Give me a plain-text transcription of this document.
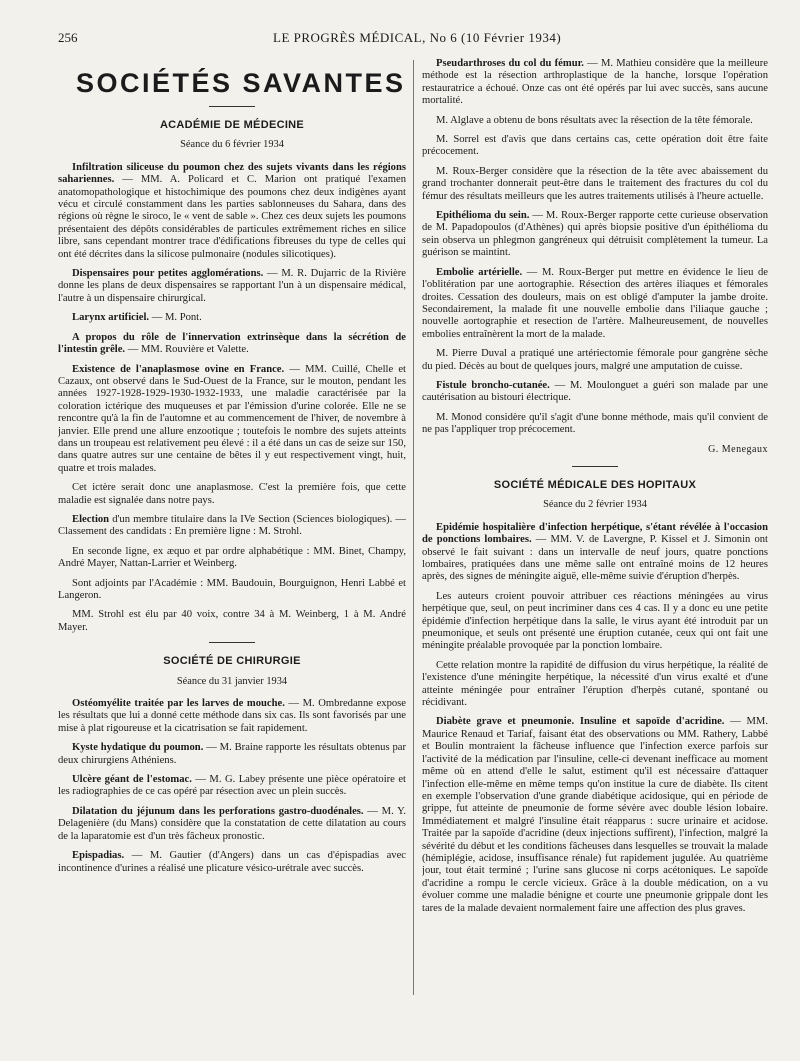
256	LE PROGRÈS MÉDICAL, No 6 (10 Février 1934)
SOCIÉTÉS SAVANTES
ACADÉMIE DE MÉDECINE
Séance du 6 février 1934

Infiltration siliceuse du poumon chez des sujets vivants dans les régions sahariennes. — MM. A. Policard et C. Marion ont pratiqué l'examen anatomopathologique et histochimique des poumons chez deux indigènes ayant vécu et circulé constamment dans les parties sablonneuses du Sahara, dans des régions où règne le siroco, le « vent de sable ». Chez ces deux sujets les poumons présentaient des dépôts considérables de particules extrêmement riches en silice libre, sans cependant montrer trace d'édifications fibreuses du type de celles qui ont été décrites dans la silicose pulmonaire (nodules silicotiques).

Dispensaires pour petites agglomérations. — M. R. Dujarric de la Rivière donne les plans de deux dispensaires se rapportant l'un à un dispensaire médical, l'autre à un dispensaire chirurgical.

Larynx artificiel. — M. Pont.

A propos du rôle de l'innervation extrinsèque dans la sécrétion de l'intestin grêle. — MM. Rouvière et Valette.

Existence de l'anaplasmose ovine en France. — MM. Cuillé, Chelle et Cazaux, ont observé dans le Sud-Ouest de la France, sur le mouton, pendant les années 1927-1928-1929-1930-1932-1933, une maladie caractérisée par la coloration ictérique des muqueuses et par l'émission d'urine colorée. Elle ne se rencontre qu'à la fin de l'automne et au commencement de l'hiver, de novembre à janvier. Elle prend une allure enzootique ; toutefois le nombre des sujets atteints dans un troupeau est relativement peu élevé : il a été dans un cas de seize sur 150, dans quatre autres sur une centaine de bêtes il y eut respectivement vingt, huit, quatre et trois malades.

Cet ictère serait donc une anaplasmose. C'est la première fois, que cette maladie est signalée dans notre pays.

Election d'un membre titulaire dans la IVe Section (Sciences biologiques). — Classement des candidats : En première ligne : M. Strohl.

En seconde ligne, ex æquo et par ordre alphabétique : MM. Binet, Champy, André Mayer, Nattan-Larrier et Weinberg.

Sont adjoints par l'Académie : MM. Baudouin, Bourguignon, Henri Labbé et Langeron.

MM. Strohl est élu par 40 voix, contre 34 à M. Weinberg, 1 à M. André Mayer.

SOCIÉTÉ DE CHIRURGIE
Séance du 31 janvier 1934

Ostéomyélite traitée par les larves de mouche. — M. Ombredanne expose les résultats que lui a donné cette méthode dans six cas. Ils sont favorisés par une mise à plat rigoureuse et la cicatrisation se fait rapidement.

Kyste hydatique du poumon. — M. Braine rapporte les résultats obtenus par deux chirurgiens Athéniens.

Ulcère géant de l'estomac. — M. G. Labey présente une pièce opératoire et les radiographies de ce cas opéré par résection avec un plein succès.

Dilatation du jéjunum dans les perforations gastro-duodénales. — M. Y. Delagenière (du Mans) considère que la constatation de cette dilatation au cours de la laparatomie est d'un très fâcheux pronostic.

Epispadias. — M. Gautier (d'Angers) dans un cas d'épispadias avec incontinence d'urines a réalisé une plicature vésico-urétrale avec succès.

Pseudarthroses du col du fémur. — M. Mathieu considère que la meilleure méthode est la résection arthroplastique de la hanche, lorsque l'opération restauratrice a échoué. Onze cas ont été opérés par lui avec succès, sans aucune mortalité.

M. Alglave a obtenu de bons résultats avec la résection de la tête fémorale.

M. Sorrel est d'avis que dans certains cas, cette opération doit être faite précocement.

M. Roux-Berger considère que la résection de la tête avec abaissement du grand trochanter donnerait peut-être dans le traitement des fractures du col du fémur des résultats meilleurs que les autres traitements utilisés à l'heure actuelle.

Epithélioma du sein. — M. Roux-Berger rapporte cette curieuse observation de M. Papadopoulos (d'Athènes) qui après biopsie positive d'un épithélioma du sein observa un phlegmon gangréneux qui détruisit complètement la tumeur. La guérison se maintint.

Embolie artérielle. — M. Roux-Berger put mettre en évidence le lieu de l'oblitération par une aortographie. Résection des artères iliaques et fémorales droites. Cessation des douleurs, mais on est obligé d'amputer la jambe droite. Secondairement, la malade fit une nouvelle embolie dans l'iliaque gauche ; nouvelle aortographie et resection de l'artère. Malheureusement, de nouvelles embolies entraînèrent la mort de la malade.

M. Pierre Duval a pratiqué une artériectomie fémorale pour gangrène sèche du pied. Décès au bout de quelques jours, malgré une amputation de cuisse.

Fistule broncho-cutanée. — M. Moulonguet a guéri son malade par une cautérisation au bistouri électrique.

M. Monod considère qu'il s'agit d'une bonne méthode, mais qu'il convient de ne pas l'appliquer trop précocement.

G. Menegaux
SOCIÉTÉ MÉDICALE DES HOPITAUX
Séance du 2 février 1934

Epidémie hospitalière d'infection herpétique, s'étant révélée à l'occasion de ponctions lombaires. — MM. V. de Lavergne, P. Kissel et J. Simonin ont observé le fait suivant : dans un intervalle de neuf jours, quatre ponctions lombaires, pratiquées dans une même salle ont entraîné moins de 12 heures après, des signes de méningite aiguë, elle-même suivie d'éruption d'herpès.

Les auteurs croient pouvoir attribuer ces réactions méningées au virus herpétique que, seul, on peut incriminer dans ces 4 cas. Il y a donc eu une petite épidémie d'infection herpétique dans la salle, le virus ayant été introduit par un pneumonique, et seuls ont présenté une éruption cutanée, ceux qui ont fait une méningite préalable provoquée par la ponction lombaire.

Cette relation montre la rapidité de diffusion du virus herpétique, la réalité de l'existence d'une méningite herpétique, la nécessité d'un virus exalté et d'une atteinte méningée pour entraîner l'éruption d'herpès cutané, spontané ou récidivant.

Diabète grave et pneumonie. Insuline et sapoïde d'acridine. — MM. Maurice Renaud et Tariaf, faisant état des observations ou MM. Rathery, Labbé et Boulin montraient la fâcheuse influence que l'infection exerce parfois sur l'activité de la médication par l'insuline, celle-ci devenant inefficace au moment même où en attend d'elle le salut, estiment qu'il est nécessaire d'attaquer l'infection elle-même en même temps qu'on institue la cure de diabète. Ils citent en exemple l'observation d'une grande diabétique acidosique, qui en période de grippe, fut atteinte de pneumonie de forme sévère avec double lésion lobaire. Immédiatement et malgré l'insuline était réapparus : sucre urinaire et acidose. Traitée par la sapoïde d'acridine (deux injections suffirent), l'infection, malgré la sévérité du début et les conditions fâcheuses dans lesquelles se trouvait la malade (hémiplégie, acidose, insuffisance rénale) fut rapidement jugulée. Au quatrième jour, tout était terminé ; l'urine sans glucose ni corps acétoniques. Le sapoïde d'acridine a rompu le cercle vicieux. Grâce à la double médication, on a vu évoluer comme une maladie bénigne et courte une pneumonie grippale dont les tares de la malade devaient normalement faire une affection des plus graves.
